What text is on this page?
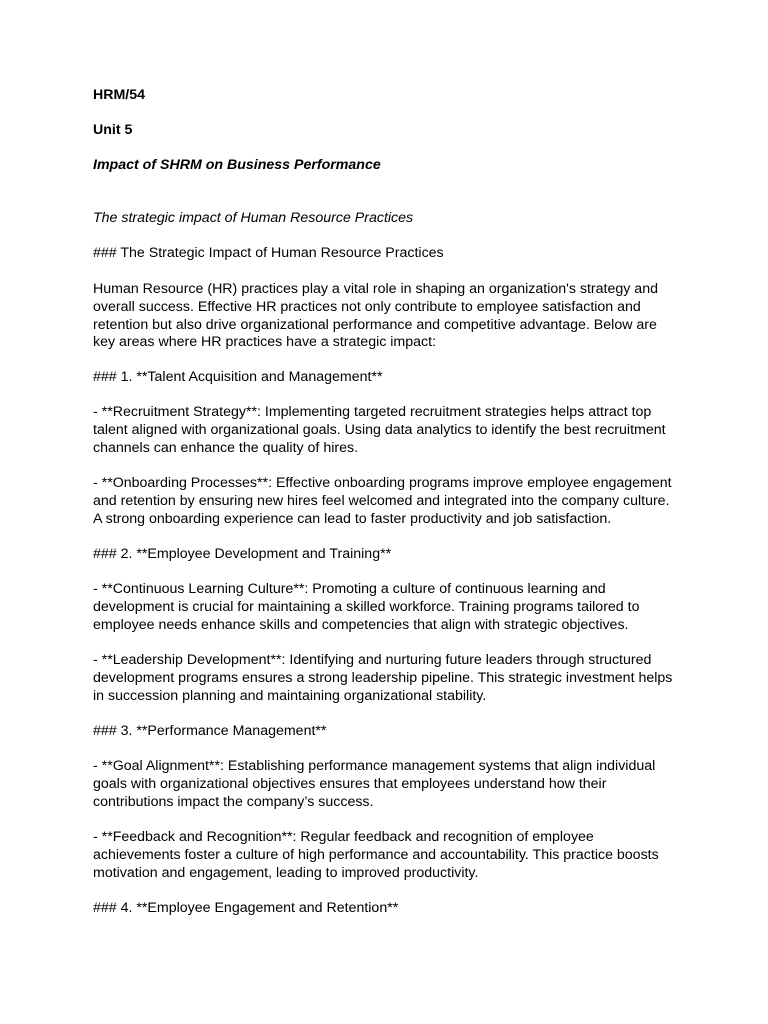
HRM/54
Unit 5
Impact of SHRM on Business Performance
The strategic impact of Human Resource Practices
### The Strategic Impact of Human Resource Practices
Human Resource (HR) practices play a vital role in shaping an organization's strategy and
overall success. Effective HR practices not only contribute to employee satisfaction and
retention but also drive organizational performance and competitive advantage. Below are
key areas where HR practices have a strategic impact:
### 1. **Talent Acquisition and Management**
- **Recruitment Strategy**: Implementing targeted recruitment strategies helps attract top
talent aligned with organizational goals. Using data analytics to identify the best recruitment
channels can enhance the quality of hires.
- **Onboarding Processes**: Effective onboarding programs improve employee engagement
and retention by ensuring new hires feel welcomed and integrated into the company culture.
A strong onboarding experience can lead to faster productivity and job satisfaction.
### 2. **Employee Development and Training**
- **Continuous Learning Culture**: Promoting a culture of continuous learning and
development is crucial for maintaining a skilled workforce. Training programs tailored to
employee needs enhance skills and competencies that align with strategic objectives.
- **Leadership Development**: Identifying and nurturing future leaders through structured
development programs ensures a strong leadership pipeline. This strategic investment helps
in succession planning and maintaining organizational stability.
### 3. **Performance Management**
- **Goal Alignment**: Establishing performance management systems that align individual
goals with organizational objectives ensures that employees understand how their
contributions impact the company’s success.
- **Feedback and Recognition**: Regular feedback and recognition of employee
achievements foster a culture of high performance and accountability. This practice boosts
motivation and engagement, leading to improved productivity.
### 4. **Employee Engagement and Retention**
